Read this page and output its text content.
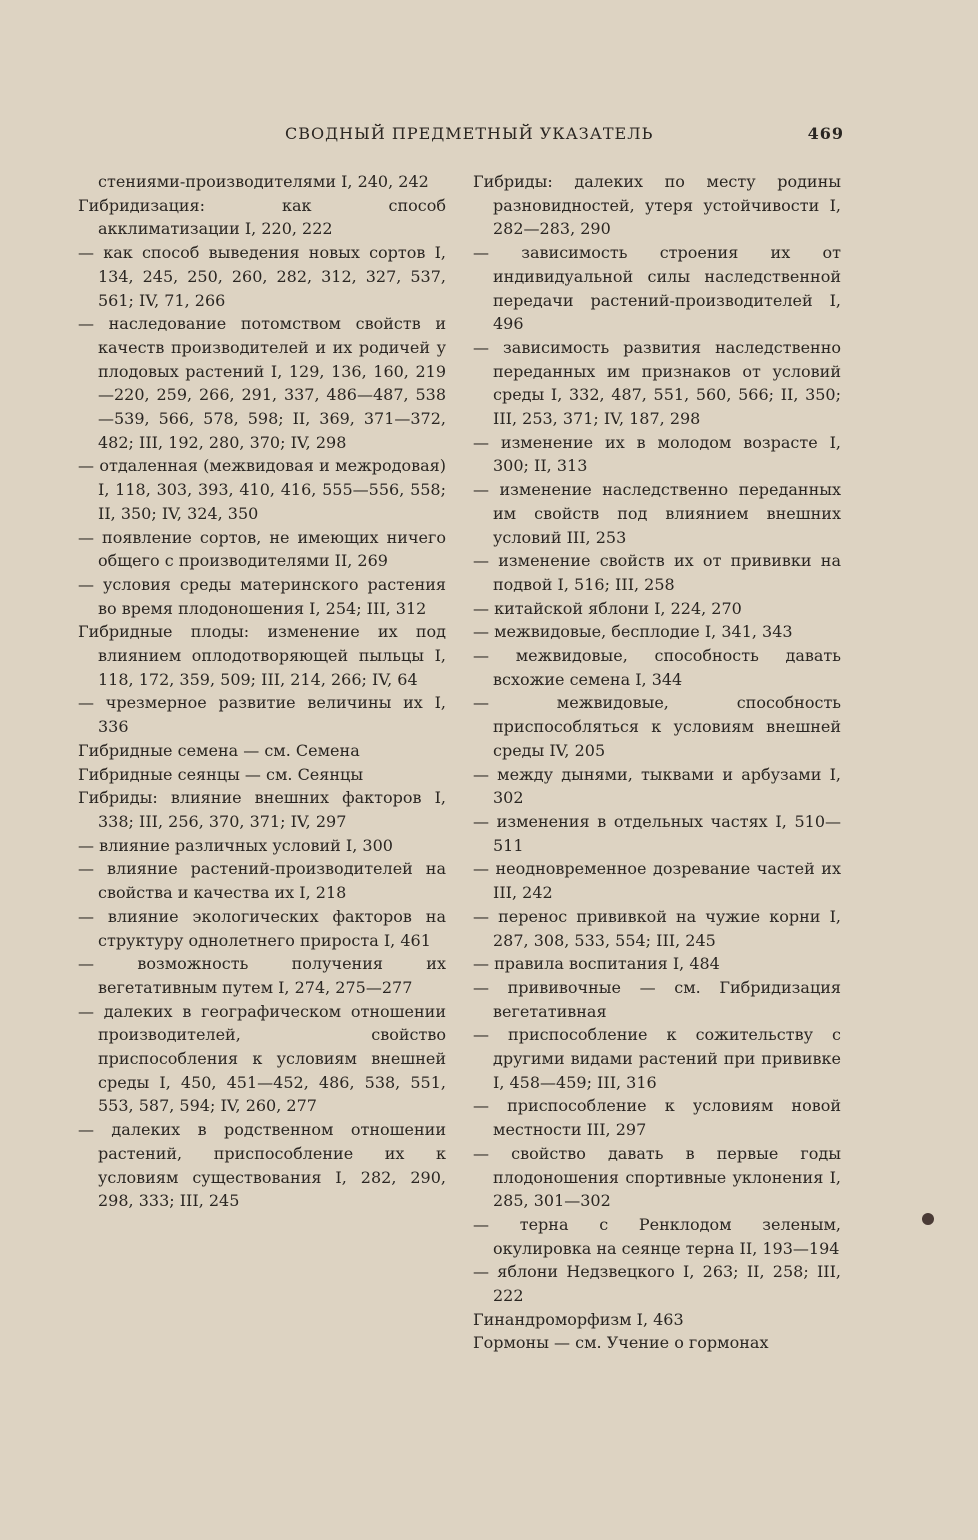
СВОДНЫЙ ПРЕДМЕТНЫЙ УКАЗАТЕЛЬ	469
стениями-производителями I, 240, 242
Гибридизация: как способ акклиматизации I, 220, 222
— как способ выведения новых сортов I, 134, 245, 250, 260, 282, 312, 327, 537, 561; IV, 71, 266
— наследование потомством свойств и качеств производителей и их родичей у плодовых растений I, 129, 136, 160, 219—220, 259, 266, 291, 337, 486—487, 538—539, 566, 578, 598; II, 369, 371—372, 482; III, 192, 280, 370; IV, 298
— отдаленная (межвидовая и межродовая) I, 118, 303, 393, 410, 416, 555—556, 558; II, 350; IV, 324, 350
— появление сортов, не имеющих ничего общего с производителями II, 269
— условия среды материнского растения во время плодоношения I, 254; III, 312
Гибридные плоды: изменение их под влиянием оплодотворяющей пыльцы I, 118, 172, 359, 509; III, 214, 266; IV, 64
— чрезмерное развитие величины их I, 336
Гибридные семена — см. Семена
Гибридные сеянцы — см. Сеянцы
Гибриды: влияние внешних факторов I, 338; III, 256, 370, 371; IV, 297
— влияние различных условий I, 300
— влияние растений-производителей на свойства и качества их I, 218
— влияние экологических факторов на структуру однолетнего прироста I, 461
— возможность получения их вегетативным путем I, 274, 275—277
— далеких в географическом отношении производителей, свойство приспособления к условиям внешней среды I, 450, 451—452, 486, 538, 551, 553, 587, 594; IV, 260, 277
— далеких в родственном отношении растений, приспособление их к условиям существования I, 282, 290, 298, 333; III, 245
Гибриды: далеких по месту родины разновидностей, утеря устойчивости I, 282—283, 290
— зависимость строения их от индивидуальной силы наследственной передачи растений-производителей I, 496
— зависимость развития наследственно переданных им признаков от условий среды I, 332, 487, 551, 560, 566; II, 350; III, 253, 371; IV, 187, 298
— изменение их в молодом возрасте I, 300; II, 313
— изменение наследственно переданных им свойств под влиянием внешних условий III, 253
— изменение свойств их от прививки на подвой I, 516; III, 258
— китайской яблони I, 224, 270
— межвидовые, бесплодие I, 341, 343
— межвидовые, способность давать всхожие семена I, 344
— межвидовые, способность приспособляться к условиям внешней среды IV, 205
— между дынями, тыквами и арбузами I, 302
— изменения в отдельных частях I, 510—511
— неодновременное дозревание частей их III, 242
— перенос прививкой на чужие корни I, 287, 308, 533, 554; III, 245
— правила воспитания I, 484
— прививочные — см. Гибридизация вегетативная
— приспособление к сожительству с другими видами растений при прививке I, 458—459; III, 316
— приспособление к условиям новой местности III, 297
— свойство давать в первые годы плодоношения спортивные уклонения I, 285, 301—302
— терна с Ренклодом зеленым, окулировка на сеянце терна II, 193—194
— яблони Недзвецкого I, 263; II, 258; III, 222
Гинандроморфизм I, 463
Гормоны — см. Учение о гормонах
